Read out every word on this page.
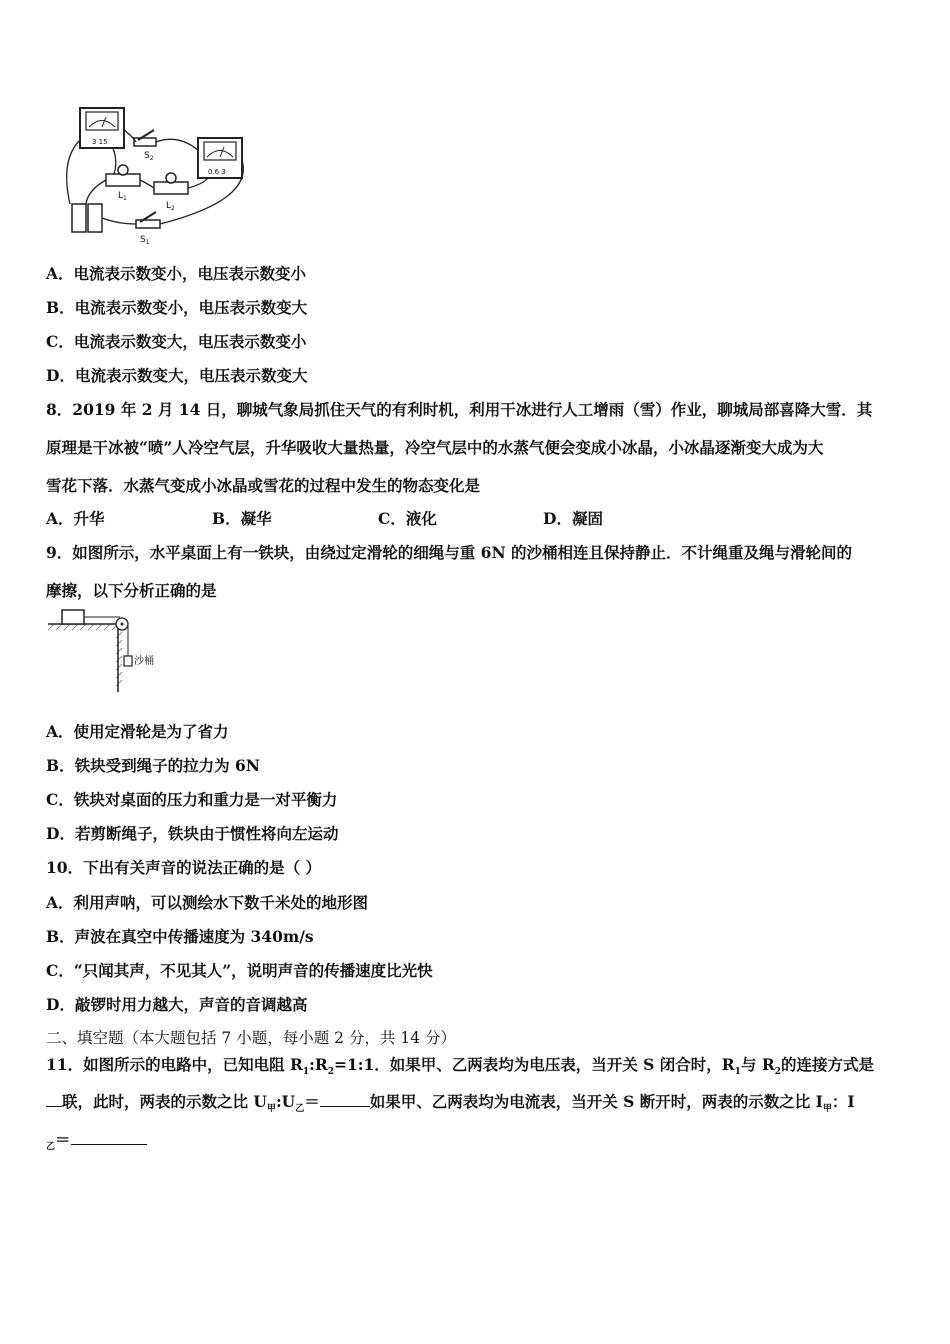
3 15
0.6 3
$S_2$
$L_1$
$L_2$
$S_1$
A．电流表示数变小，电压表示数变小
B．电流表示数变小，电压表示数变大
C．电流表示数变大，电压表示数变小
D．电流表示数变大，电压表示数变大
8．2019 年 2 月 14 日，聊城气象局抓住天气的有利时机，利用干冰进行人工增雨（雪）作业，聊城局部喜降大雪．其
原理是干冰被“喷”人冷空气层，升华吸收大量热量，冷空气层中的水蒸气便会变成小冰晶，小冰晶逐渐变大成为大
雪花下落．水蒸气变成小冰晶或雪花的过程中发生的物态变化是
A．升华	B．凝华	C．液化	D．凝固
9．如图所示，水平桌面上有一铁块，由绕过定滑轮的细绳与重 6N 的沙桶相连且保持静止．不计绳重及绳与滑轮间的
摩擦，以下分析正确的是
沙桶
A．使用定滑轮是为了省力
B．铁块受到绳子的拉力为 6N
C．铁块对桌面的压力和重力是一对平衡力
D．若剪断绳子，铁块由于惯性将向左运动
10．下出有关声音的说法正确的是（ ）
A．利用声呐，可以测绘水下数千米处的地形图
B．声波在真空中传播速度为 340m/s
C．“只闻其声，不见其人”，说明声音的传播速度比光快
D．敲锣时用力越大，声音的音调越高
二、填空题（本大题包括 7 小题，每小题 2 分，共 14 分）
11．如图所示的电路中，已知电阻 $R_1:R_2=1:1$．如果甲、乙两表均为电压表，当开关 S 闭合时，$R_1$与 $R_2$的连接方式是
联，此时，两表的示数之比 $U_甲:U_乙=$	如果甲、乙两表均为电流表，当开关 S 断开时，两表的示数之比 $I_甲$：I
$_乙$＝
